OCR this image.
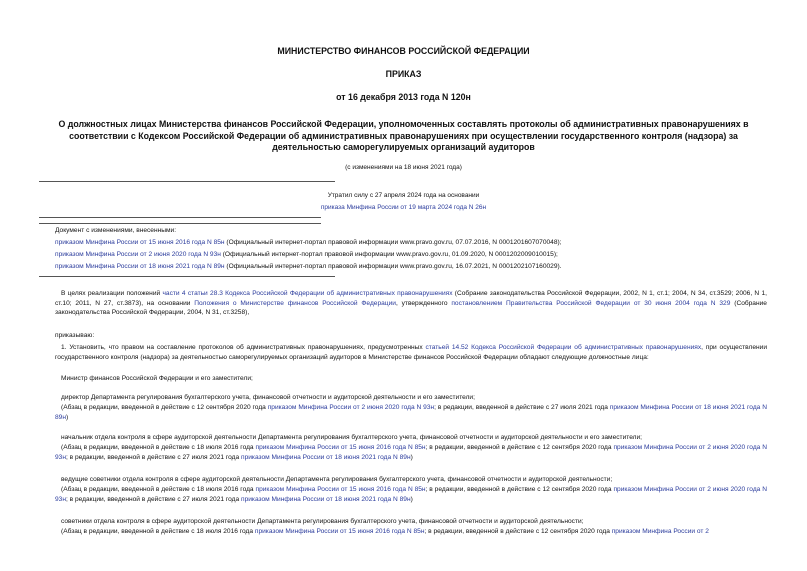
МИНИСТЕРСТВО ФИНАНСОВ РОССИЙСКОЙ ФЕДЕРАЦИИ
ПРИКАЗ
от 16 декабря 2013 года N 120н
О должностных лицах Министерства финансов Российской Федерации, уполномоченных составлять протоколы об административных правонарушениях в
соответствии с Кодексом Российской Федерации об административных правонарушениях при осуществлении государственного контроля (надзора) за
деятельностью саморегулируемых организаций аудиторов
(с изменениями на 18 июня 2021 года)
Утратил силу с 27 апреля 2024 года на основании
приказа Минфина России от 19 марта 2024 года N 26н
Документ с изменениями, внесенными:
приказом Минфина России от 15 июня 2016 года N 85н (Официальный интернет-портал правовой информации www.pravo.gov.ru, 07.07.2016, N 0001201607070048);
приказом Минфина России от 2 июня 2020 года N 93н (Официальный интернет-портал правовой информации www.pravo.gov.ru, 01.09.2020, N 0001202009010015);
приказом Минфина России от 18 июня 2021 года N 89н (Официальный интернет-портал правовой информации www.pravo.gov.ru, 16.07.2021, N 0001202107160029).
В целях реализации положений части 4 статьи 28.3 Кодекса Российской Федерации об административных правонарушениях (Собрание законодательства Российской Федерации, 2002, N 1, ст.1; 2004, N 34, ст.3529; 2006, N 1, ст.10; 2011, N 27, ст.3873), на основании Положения о Министерстве финансов Российской Федерации, утвержденного постановлением Правительства Российской Федерации от 30 июня 2004 года N 329 (Собрание законодательства Российской Федерации, 2004, N 31, ст.3258),
приказываю:
1. Установить, что правом на составление протоколов об административных правонарушениях, предусмотренных статьей 14.52 Кодекса Российской Федерации об административных правонарушениях, при осуществлении государственного контроля (надзора) за деятельностью саморегулируемых организаций аудиторов в Министерстве финансов Российской Федерации обладают следующие должностные лица:
Министр финансов Российской Федерации и его заместители;
директор Департамента регулирования бухгалтерского учета, финансовой отчетности и аудиторской деятельности и его заместители;
(Абзац в редакции, введенной в действие с 12 сентября 2020 года приказом Минфина России от 2 июня 2020 года N 93н; в редакции, введенной в действие с 27 июля 2021 года приказом Минфина России от 18 июня 2021 года N 89н)
начальник отдела контроля в сфере аудиторской деятельности Департамента регулирования бухгалтерского учета, финансовой отчетности и аудиторской деятельности и его заместители;
(Абзац в редакции, введенной в действие с 18 июля 2016 года приказом Минфина России от 15 июня 2016 года N 85н; в редакции, введенной в действие с 12 сентября 2020 года приказом Минфина России от 2 июня 2020 года N 93н; в редакции, введенной в действие с 27 июля 2021 года приказом Минфина России от 18 июня 2021 года N 89н)
ведущие советники отдела контроля в сфере аудиторской деятельности Департамента регулирования бухгалтерского учета, финансовой отчетности и аудиторской деятельности;
(Абзац в редакции, введенной в действие с 18 июля 2016 года приказом Минфина России от 15 июня 2016 года N 85н; в редакции, введенной в действие с 12 сентября 2020 года приказом Минфина России от 2 июня 2020 года N 93н; в редакции, введенной в действие с 27 июля 2021 года приказом Минфина России от 18 июня 2021 года N 89н)
советники отдела контроля в сфере аудиторской деятельности Департамента регулирования бухгалтерского учета, финансовой отчетности и аудиторской деятельности;
(Абзац в редакции, введенной в действие с 18 июля 2016 года приказом Минфина России от 15 июня 2016 года N 85н; в редакции, введенной в действие с 12 сентября 2020 года приказом Минфина России от 2
